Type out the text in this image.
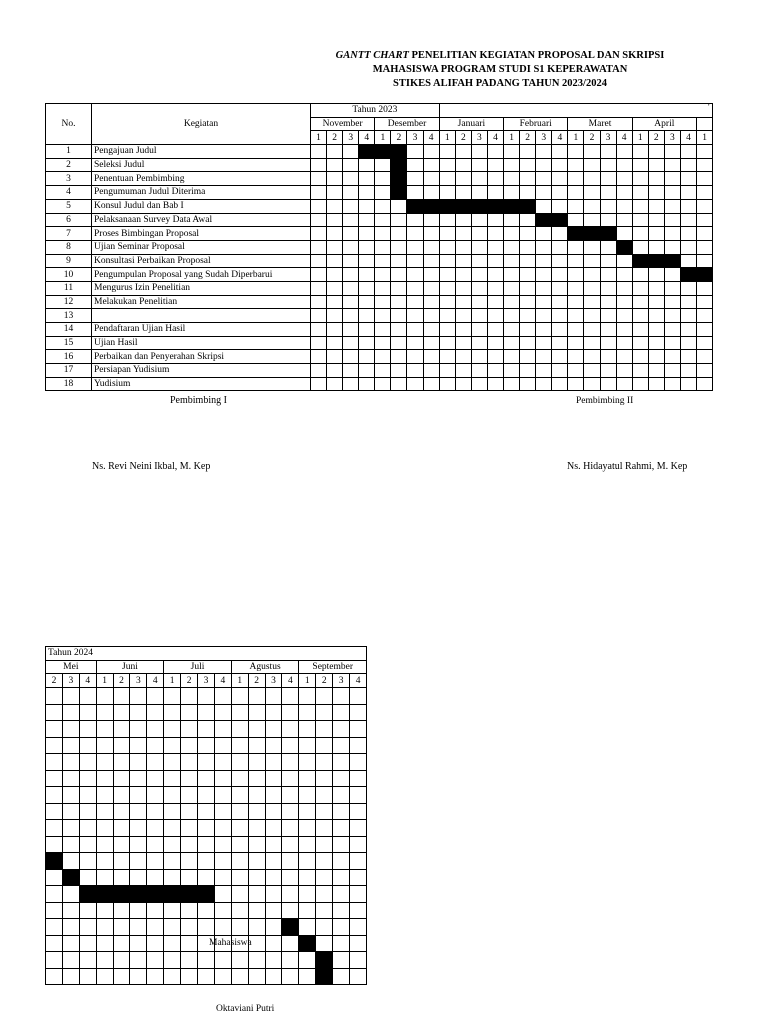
GANTT CHART PENELITIAN KEGIATAN PROPOSAL DAN SKRIPSI
MAHASISWA PROGRAM STUDI S1 KEPERAWATAN
STIKES ALIFAH PADANG TAHUN 2023/2024
No.	Kegiatan	Tahun 2023																								
		November				Desember				Januari				Februari				Maret				April				
		1	2	3	4	1	2	3	4	1	2	3	4	1	2	3	4	1	2	3	4	1	2	3	4	1
1	Pengajuan Judul																									
2	Seleksi Judul																									
3	Penentuan Pembimbing																									
4	Pengumuman Judul Diterima																									
5	Konsul Judul dan Bab I																									
6	Pelaksanaan Survey Data Awal																									
7	Proses Bimbingan Proposal																									
8	Ujian Seminar Proposal																									
9	Konsultasi Perbaikan Proposal																									
10	Pengumpulan Proposal yang Sudah Diperbarui																									
11	Mengurus Izin Penelitian																									
12	Melakukan Penelitian																									
13																										
14	Pendaftaran Ujian Hasil																									
15	Ujian Hasil																									
16	Perbaikan dan Penyerahan Skripsi																									
17	Persiapan Yudisium																									
18	Yudisium																									
'
Pembimbing I	Pembimbing II
Ns. Revi Neini Ikbal, M. Kep	Ns. Hidayatul Rahmi, M. Kep
Tahun 2024																		
Mei			Juni				Juli				Agustus				September			
2	3	4	1	2	3	4	1	2	3	4	1	2	3	4	1	2	3	4

Mahasiswa
Oktaviani Putri
